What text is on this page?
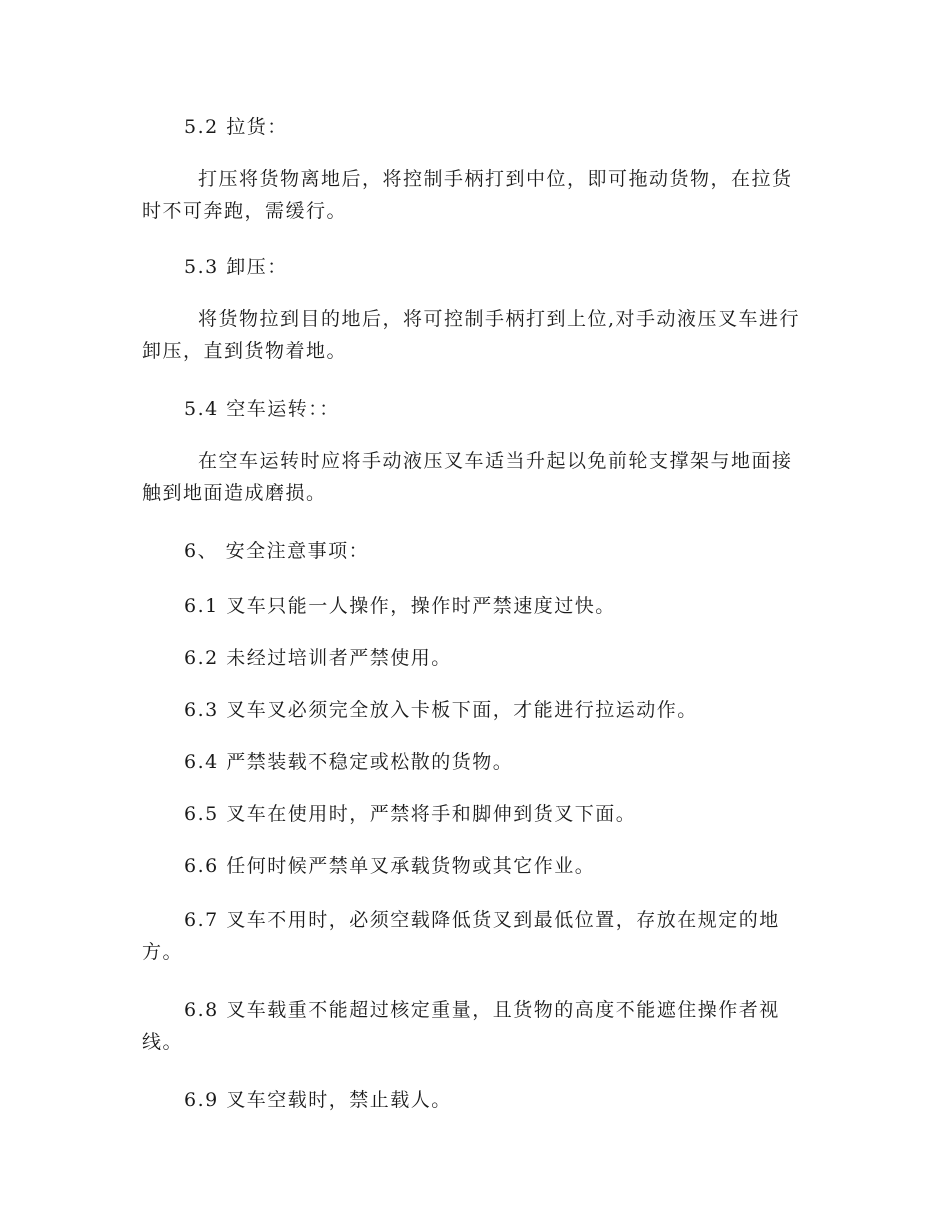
5.2 拉货：

打压将货物离地后，将控制手柄打到中位，即可拖动货物，在拉货时不可奔跑，需缓行。

5.3 卸压：

将货物拉到目的地后，将可控制手柄打到上位,对手动液压叉车进行卸压，直到货物着地。

5.4 空车运转：：

在空车运转时应将手动液压叉车适当升起以免前轮支撑架与地面接触到地面造成磨损。

6、 安全注意事项：

6.1 叉车只能一人操作，操作时严禁速度过快。

6.2 未经过培训者严禁使用。

6.3 叉车叉必须完全放入卡板下面，才能进行拉运动作。

6.4 严禁装载不稳定或松散的货物。

6.5 叉车在使用时，严禁将手和脚伸到货叉下面。

6.6 任何时候严禁单叉承载货物或其它作业。

6.7 叉车不用时，必须空载降低货叉到最低位置，存放在规定的地方。

6.8 叉车载重不能超过核定重量，且货物的高度不能遮住操作者视线。

6.9 叉车空载时，禁止载人。
